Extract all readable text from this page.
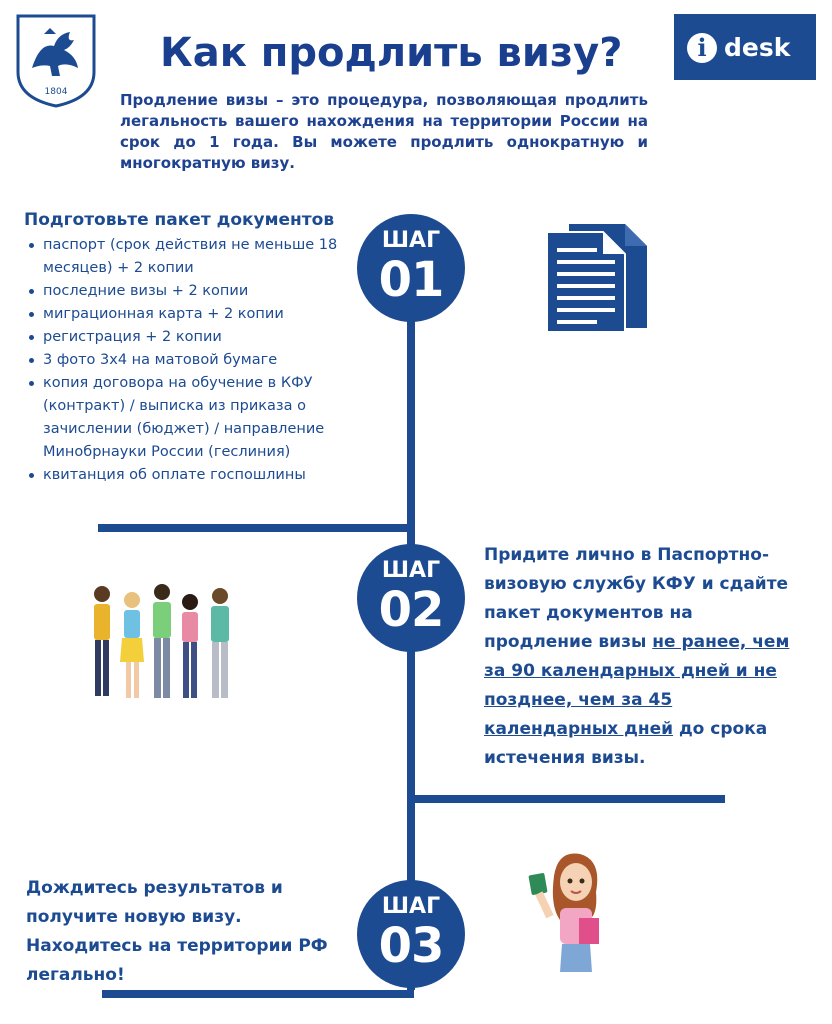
1804
Как продлить визу?
Продление визы – это процедура, позволяющая продлить легальность вашего нахождения на территории России на срок до 1 года. Вы можете продлить однократную и многократную визу.
i desk
ШАГ
01
ШАГ
02
ШАГ
03
Подготовьте пакет документов
паспорт (срок действия не меньше 18 месяцев) + 2 копии
последние визы + 2 копии
миграционная карта + 2 копии
регистрация + 2 копии
3 фото 3x4 на матовой бумаге
копия договора на обучение в КФУ (контракт) / выписка из приказа о зачислении (бюджет) / направление Минобрнауки России (геслиния)
квитанция об оплате госпошлины
Придите лично в Паспортно-визовую службу КФУ и сдайте пакет документов на продление визы не ранее, чем за 90 календарных дней и не позднее, чем за 45 календарных дней до срока истечения визы.
Дождитесь результатов и получите новую визу. Находитесь на территории РФ легально!
